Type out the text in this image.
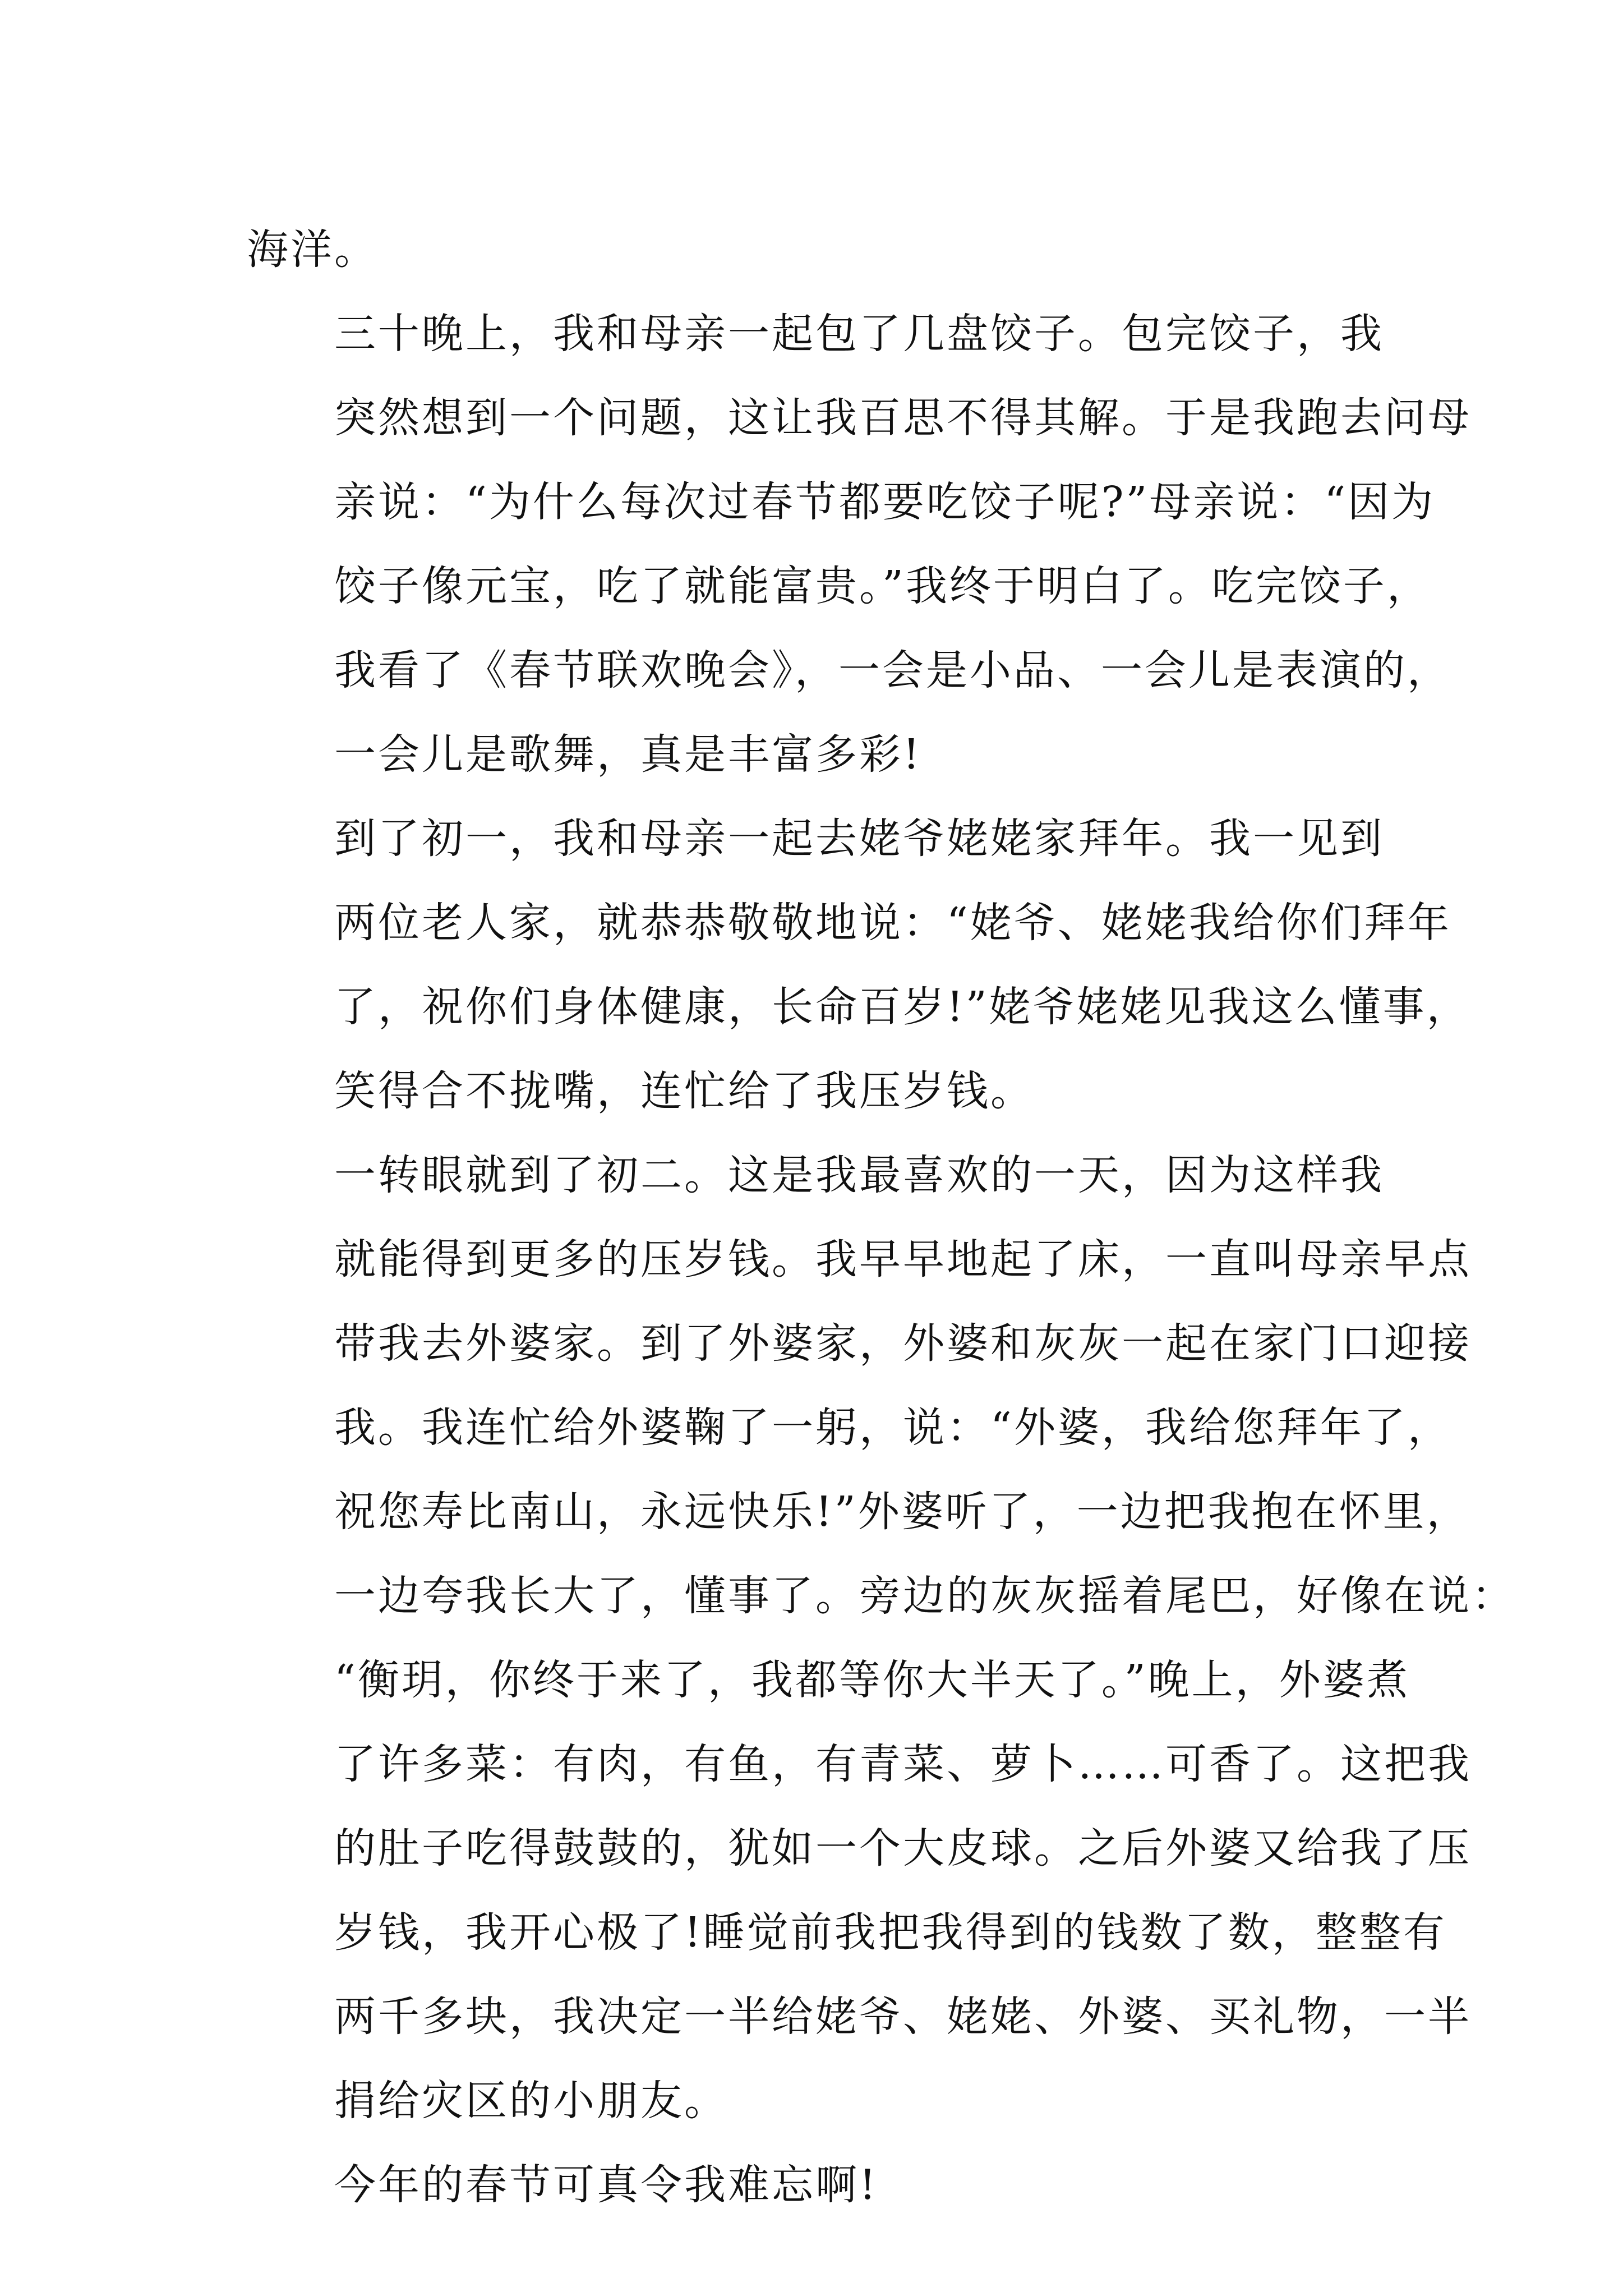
海洋。

三十晚上，我和母亲一起包了几盘饺子。包完饺子，我
突然想到一个问题，这让我百思不得其解。于是我跑去问母
亲说：“为什么每次过春节都要吃饺子呢?”母亲说：“因为
饺子像元宝，吃了就能富贵。”我终于明白了。吃完饺子，
我看了《春节联欢晚会》，一会是小品、一会儿是表演的，
一会儿是歌舞，真是丰富多彩!

到了初一，我和母亲一起去姥爷姥姥家拜年。我一见到
两位老人家，就恭恭敬敬地说：“姥爷、姥姥我给你们拜年
了，祝你们身体健康，长命百岁!”姥爷姥姥见我这么懂事，
笑得合不拢嘴，连忙给了我压岁钱。

一转眼就到了初二。这是我最喜欢的一天，因为这样我
就能得到更多的压岁钱。我早早地起了床，一直叫母亲早点
带我去外婆家。到了外婆家，外婆和灰灰一起在家门口迎接
我。我连忙给外婆鞠了一躬，说：“外婆，我给您拜年了，
祝您寿比南山，永远快乐!”外婆听了，一边把我抱在怀里，
一边夸我长大了，懂事了。旁边的灰灰摇着尾巴，好像在说：
“衡玥，你终于来了，我都等你大半天了。”晚上，外婆煮
了许多菜：有肉，有鱼，有青菜、萝卜……可香了。这把我
的肚子吃得鼓鼓的，犹如一个大皮球。之后外婆又给我了压
岁钱，我开心极了!睡觉前我把我得到的钱数了数，整整有
两千多块，我决定一半给姥爷、姥姥、外婆、买礼物，一半
捐给灾区的小朋友。

今年的春节可真令我难忘啊!
